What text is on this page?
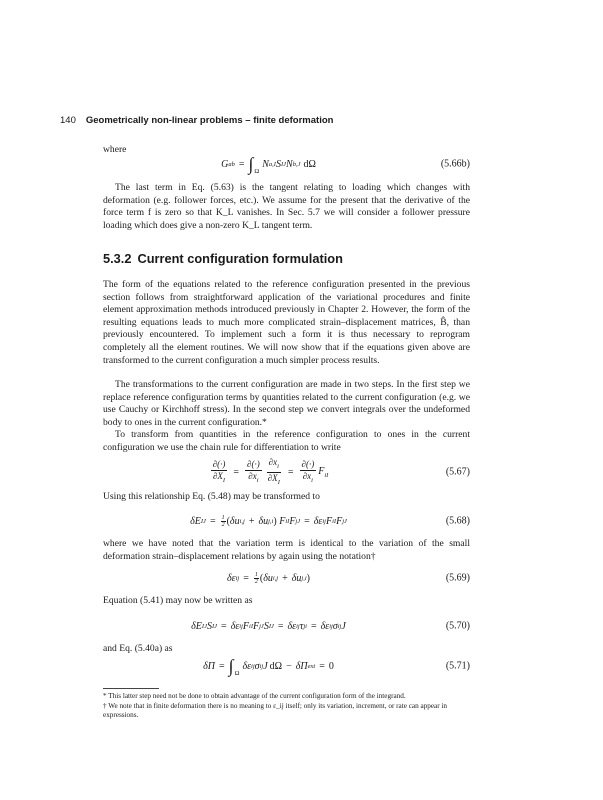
140 Geometrically non-linear problems – finite deformation
where
G ab = ∫ Ω
N a,I S IJ N b,J dΩ	(5.66b)

The last term in Eq. (5.63) is the tangent relating to loading which changes with deformation (e.g. follower forces, etc.). We assume for the present that the derivative of the force term f is zero so that K_L vanishes. In Sec. 5.7 we will consider a follower pressure loading which does give a non-zero K_L tangent term.

5.3.2 Current configuration formulation

The form of the equations related to the reference configuration presented in the previous section follows from straightforward application of the variational procedures and finite element approximation methods introduced previously in Chapter 2. However, the form of the resulting equations leads to much more complicated strain–displacement matrices, B̂, than previously encountered. To implement such a form it is thus necessary to reprogram completely all the element routines. We will now show that if the equations given above are transformed to the current configuration a much simpler process results.

The transformations to the current configuration are made in two steps. In the first step we replace reference configuration terms by quantities related to the current configuration (e.g. we use Cauchy or Kirchhoff stress). In the second step we convert integrals over the undeformed body to ones in the current configuration.*

To transform from quantities in the reference configuration to ones in the current configuration we use the chain rule for differentiation to write

$\frac{\partial(\cdot)}{\partial X_I} = \frac{\partial(\cdot)}{\partial x_i} \frac{\partial x_i}{\partial X_I} = \frac{\partial(\cdot)}{\partial x_i} F_{iI}$	(5.67)

Using this relationship Eq. (5.48) may be transformed to

δE IJ = $\frac{1}{2}$ ( δu i,j + δu j,i ) F iI F jJ = δε ij F iI F jJ	(5.68)

where we have noted that the variation term is identical to the variation of the small deformation strain–displacement relations by again using the notation†

δε ij = $\frac{1}{2}$ ( δu i,j + δu j,i )	(5.69)

Equation (5.41) may now be written as

δE IJ S IJ = δε ij F iI F jJ S IJ = δε ij τ ji = δε ij σ ij J	(5.70)

and Eq. (5.40a) as

δΠ = ∫ Ω
δε ij σ ij J dΩ − δΠ ext = 0	(5.71)

* This latter step need not be done to obtain advantage of the current configuration form of the integrand.

† We note that in finite deformation there is no meaning to ε_ij itself; only its variation, increment, or rate can appear in expressions.
